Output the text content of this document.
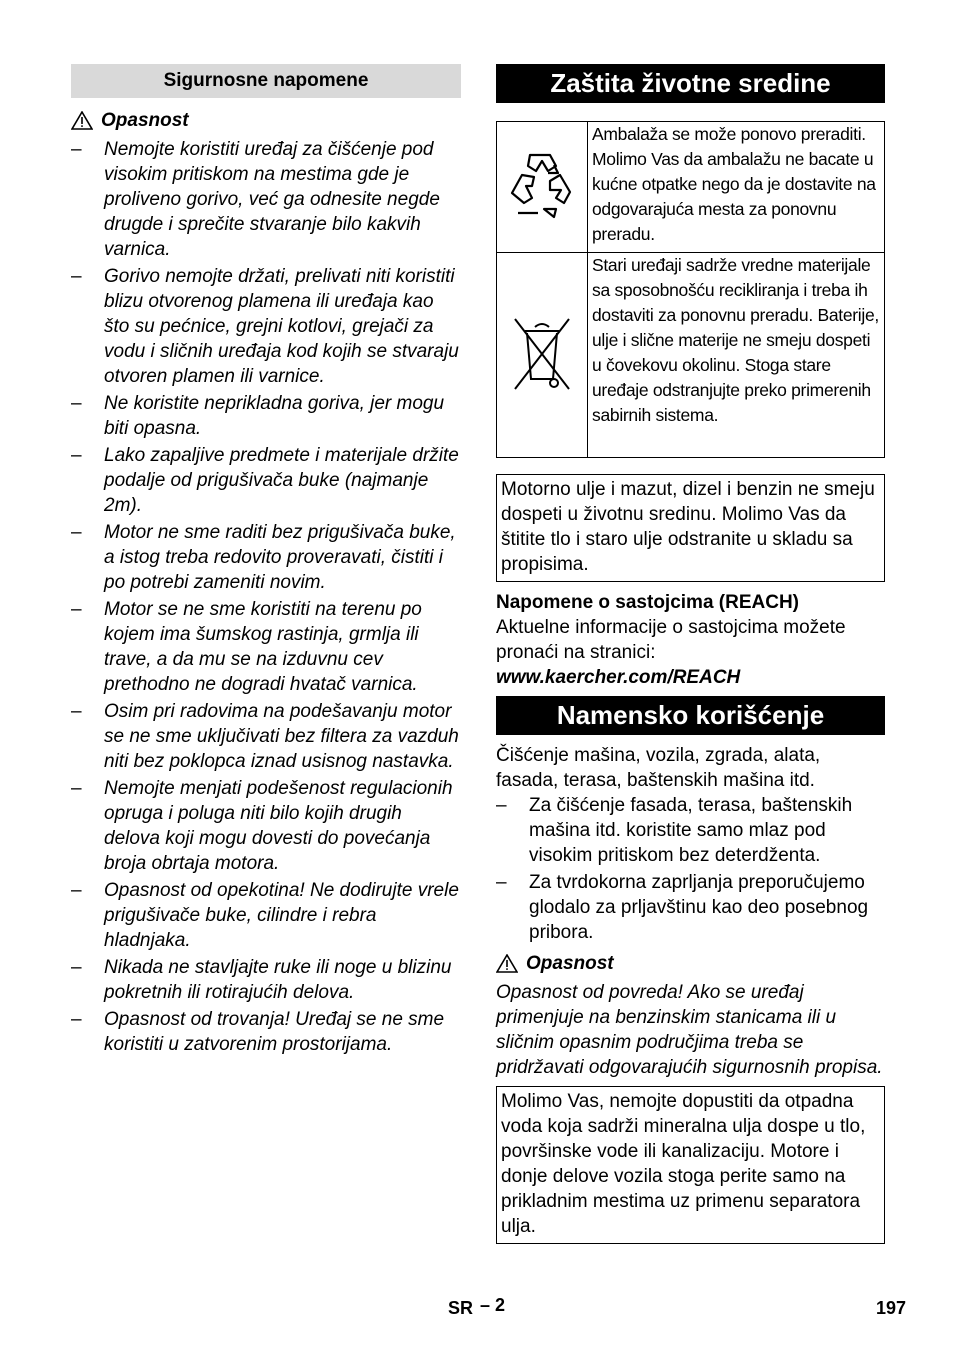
Sigurnosne napomene
Opasnost
– Nemojte koristiti uređaj za čišćenje pod visokim pritiskom na mestima gde je proliveno gorivo, već ga odnesite negde drugde i sprečite stvaranje bilo kakvih varnica.
– Gorivo nemojte držati, prelivati niti koristiti blizu otvorenog plamena ili uređaja kao što su pećnice, grejni kotlovi, grejači za vodu i sličnih uređaja kod kojih se stvaraju otvoren plamen ili varnice.
– Ne koristite neprikladna goriva, jer mogu biti opasna.
– Lako zapaljive predmete i materijale držite podalje od prigušivača buke (najmanje 2m).
– Motor ne sme raditi bez prigušivača buke, a istog treba redovito proveravati, čistiti i po potrebi zameniti novim.
– Motor se ne sme koristiti na terenu po kojem ima šumskog rastinja, grmlja ili trave, a da mu se na izduvnu cev prethodno ne dogradi hvatač varnica.
– Osim pri radovima na podešavanju motor se ne sme uključivati bez filtera za vazduh niti bez poklopca iznad usisnog nastavka.
– Nemojte menjati podešenost regulacionih opruga i poluga niti bilo kojih drugih delova koji mogu dovesti do povećanja broja obrtaja motora.
– Opasnost od opekotina! Ne dodirujte vrele prigušivače buke, cilindre i rebra hladnjaka.
– Nikada ne stavljajte ruke ili noge u blizinu pokretnih ili rotirajućih delova.
– Opasnost od trovanja! Uređaj se ne sme koristiti u zatvorenim prostorijama.
Zaštita životne sredine
	Ambalaža se može ponovo preraditi. Molimo Vas da ambalažu ne bacate u kućne otpatke nego da je dostavite na odgovarajuća mesta za ponovnu preradu.
	Stari uređaji sadrže vredne materijale sa sposobnošću recikliranja i treba ih dostaviti za ponovnu preradu. Baterije, ulje i slične materije ne smeju dospeti u čovekovu okolinu. Stoga stare uređaje odstranjujte preko primerenih sabirnih sistema.
Motorno ulje i mazut, dizel i benzin ne smeju dospeti u životnu sredinu. Molimo Vas da štitite tlo i staro ulje odstranite u skladu sa propisima.

Napomene o sastojcima (REACH)

Aktuelne informacije o sastojcima možete pronaći na stranici:

www.kaercher.com/REACH

Namensko korišćenje

Čišćenje mašina, vozila, zgrada, alata, fasada, terasa, baštenskih mašina itd.

– Za čišćenje fasada, terasa, baštenskih mašina itd. koristite samo mlaz pod visokim pritiskom bez deterdženta.
– Za tvrdokorna zaprljanja preporučujemo glodalo za prljavštinu kao deo posebnog pribora.
Opasnost

Opasnost od povreda! Ako se uređaj primenjuje na benzinskim stanicama ili u sličnim opasnim područjima treba se pridržavati odgovarajućih sigurnosnih propisa.

Molimo Vas, nemojte dopustiti da otpadna voda koja sadrži mineralna ulja dospe u tlo, površinske vode ili kanalizaciju. Motore i donje delove vozila stoga perite samo na prikladnim mestima uz primenu separatora ulja.
SR – 2	197
